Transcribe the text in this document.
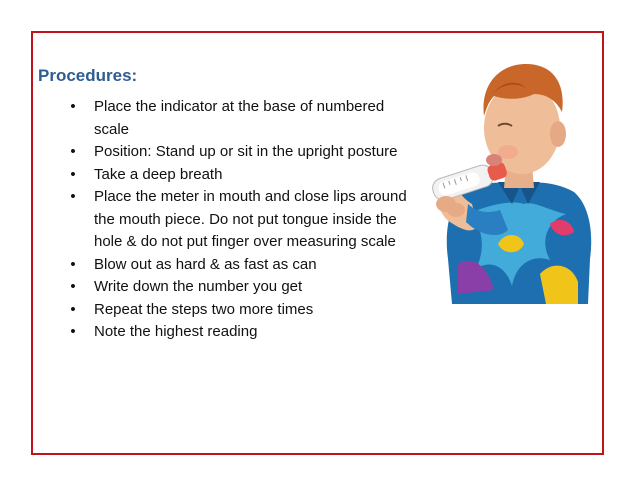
Procedures:
• Place the indicator at the base of numbered scale
• Position: Stand up or sit in the upright posture
• Take a deep breath
• Place the meter in mouth and close lips around the mouth piece. Do not put tongue inside the hole & do not put finger over measuring scale
• Blow out as hard & as fast as can
• Write down the number you get
• Repeat the steps two more times
• Note the highest reading
